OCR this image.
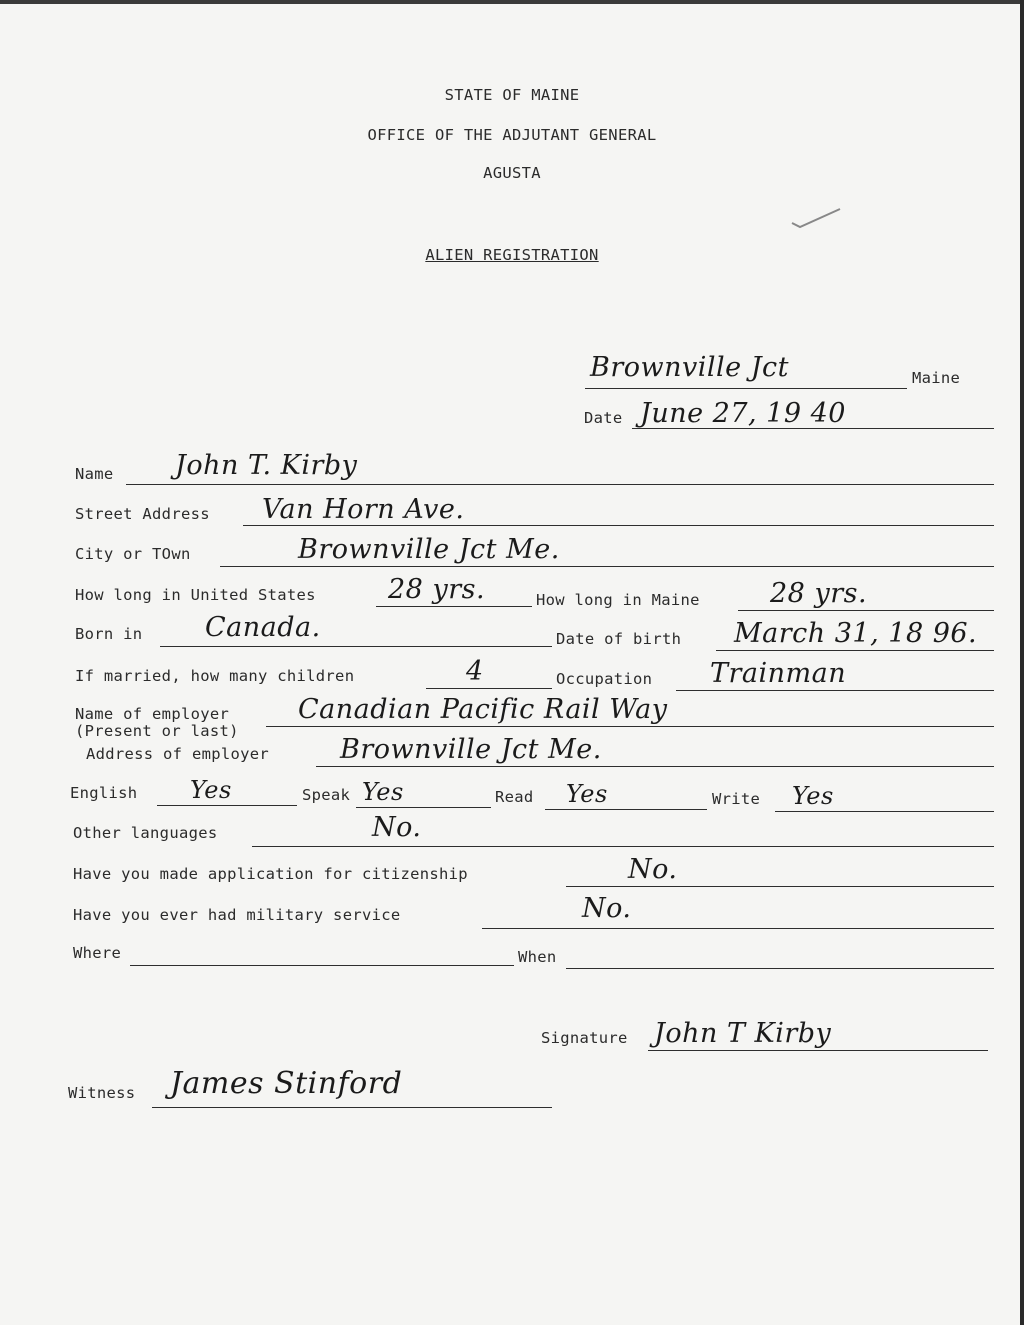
STATE OF MAINE
OFFICE OF THE ADJUTANT GENERAL
AGUSTA
ALIEN REGISTRATION
Brownville Jct	Maine
Date June 27, 19 40
Name John T. Kirby
Street Address Van Horn Ave.
City or TOwn	Brownville Jct Me.
How long in United States	28 yrs.	How long in Maine	28 yrs.
Born in Canada.	Date of birth March 31, 18 96.
If married, how many children	4	Occupation Trainman
Name of employer
(Present or last)
Canadian Pacific Rail Way
Address of employer	Brownville Jct Me.
English Yes	Speak Yes	Read Yes	Write Yes
Other languages	No.
Have you made application for citizenship	No.
Have you ever had military service	No.
Where	When
Signature John T Kirby
Witness James Stinford
